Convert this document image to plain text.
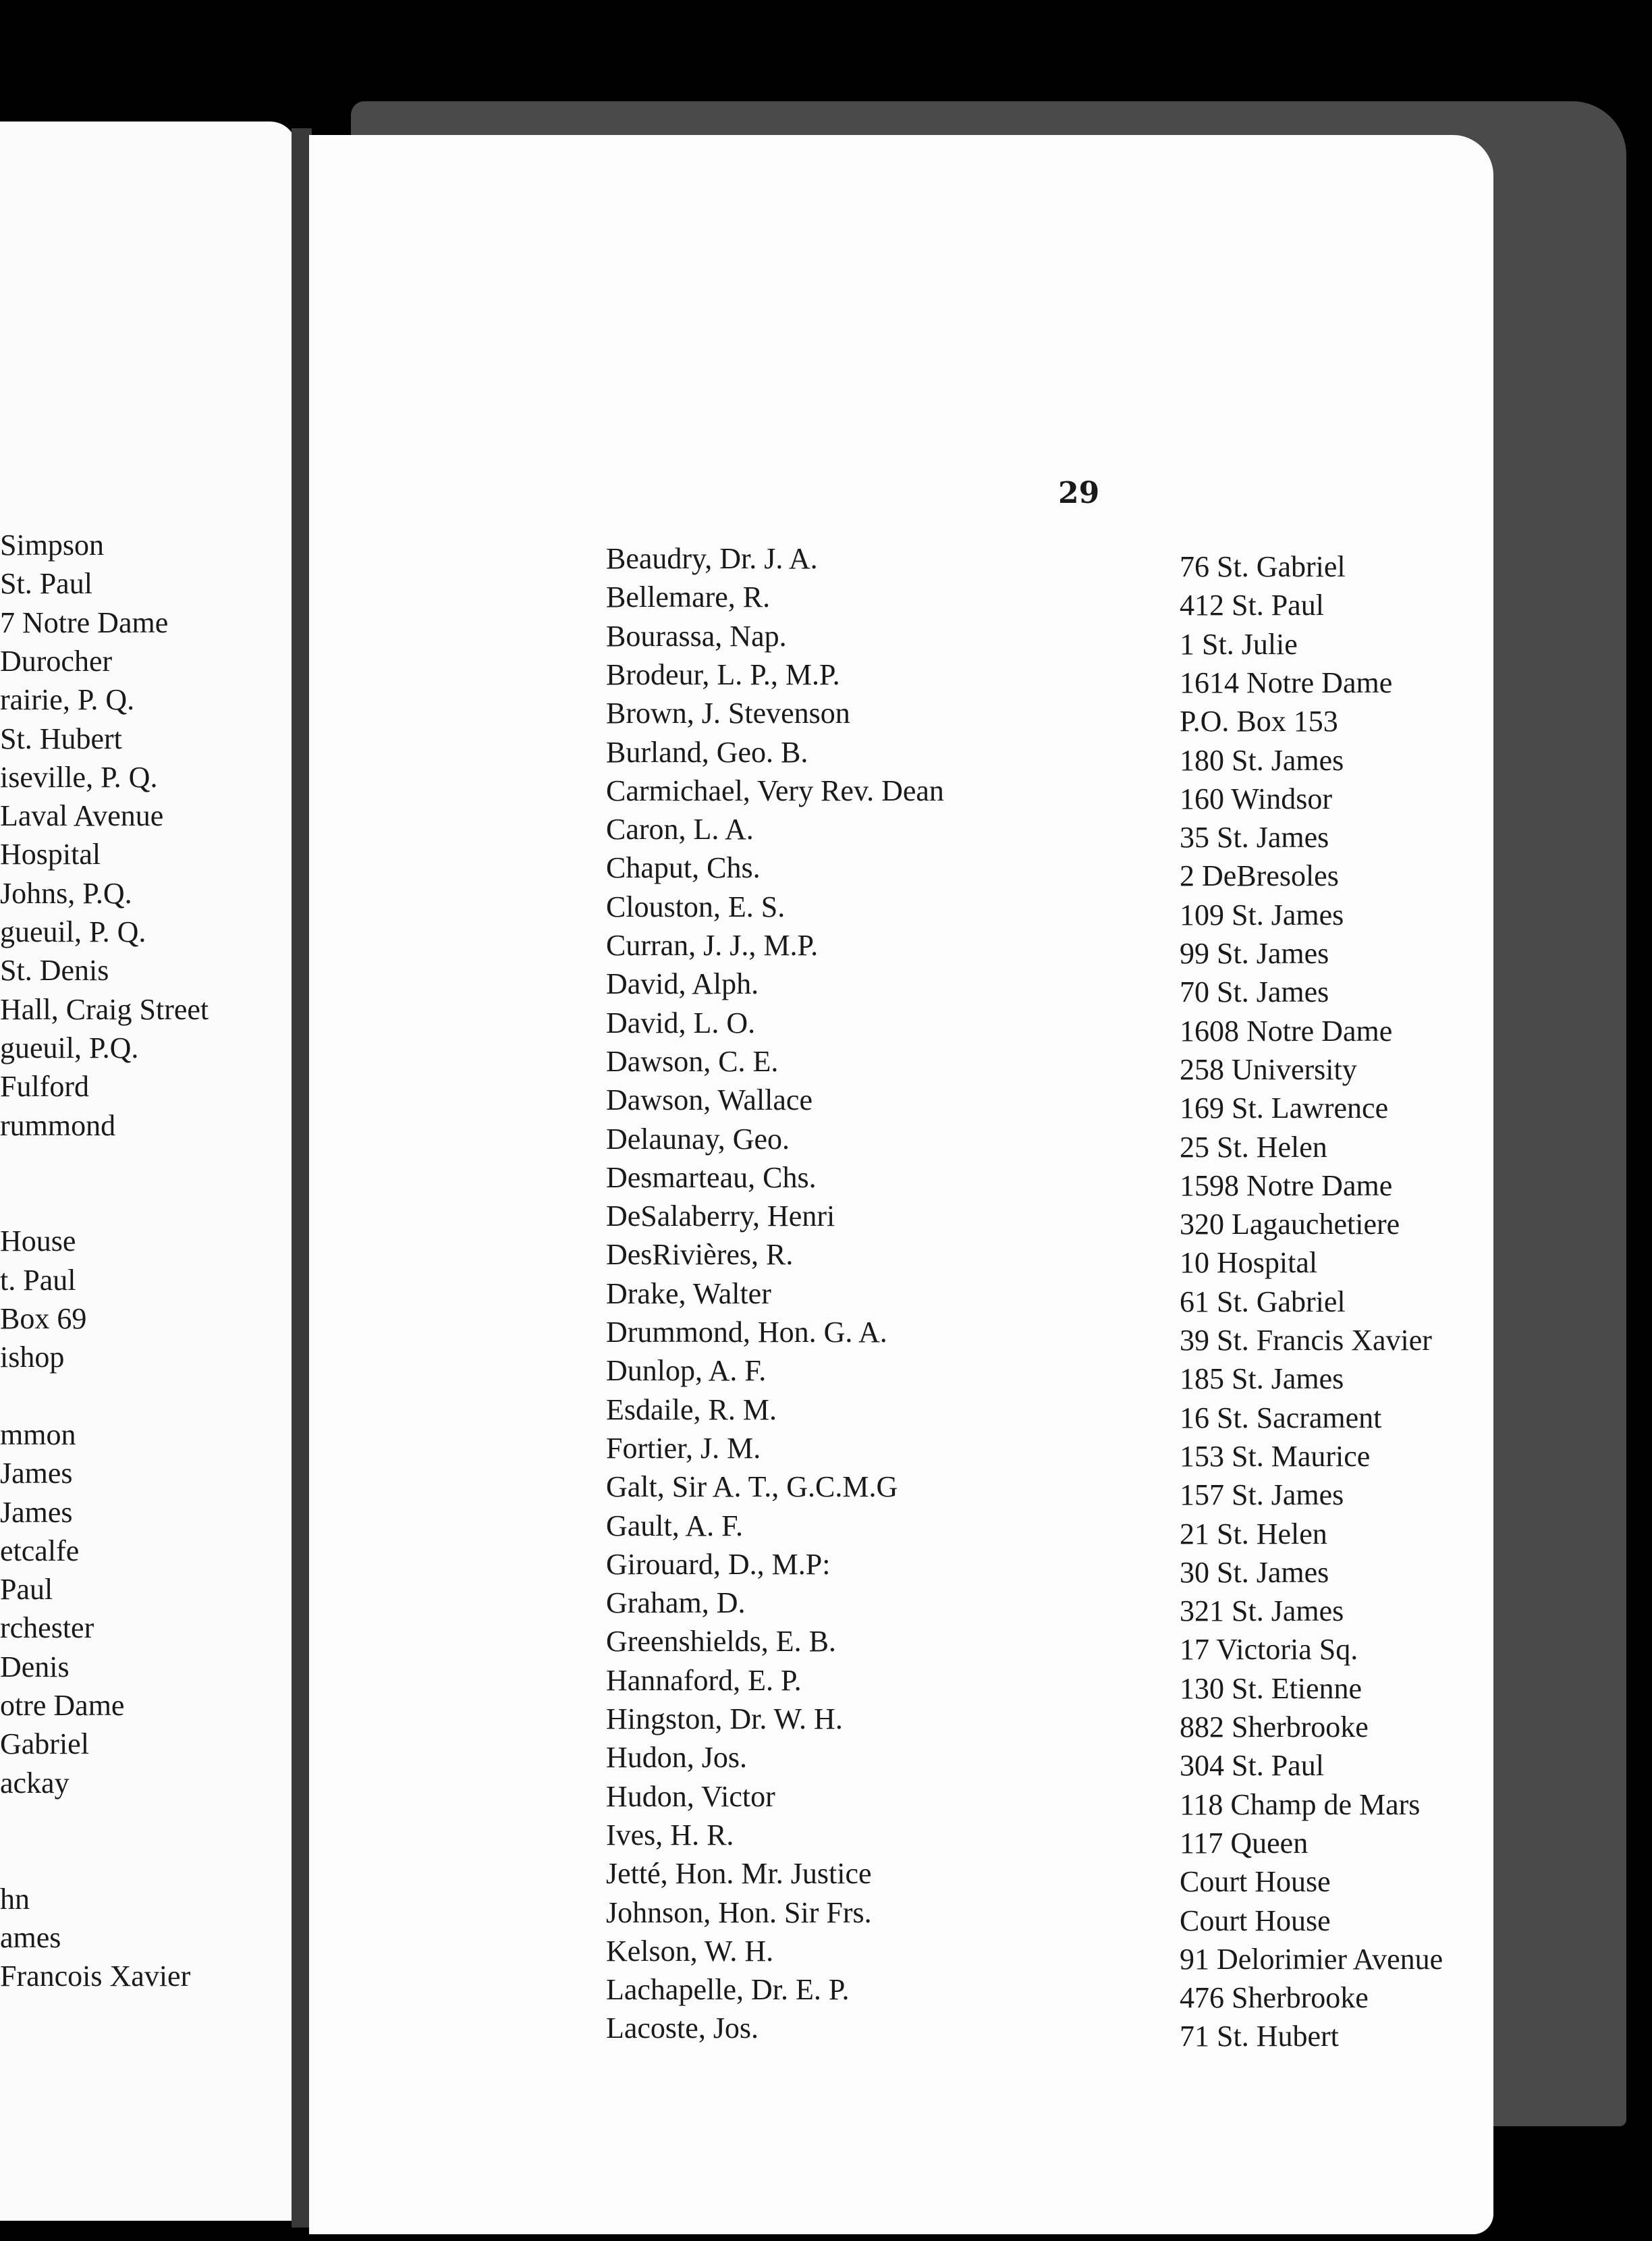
Simpson
St. Paul
7 Notre Dame
Durocher
rairie, P. Q.
St. Hubert
iseville, P. Q.
Laval Avenue
Hospital
Johns, P.Q.
gueuil, P. Q.
St. Denis
Hall, Craig Street
gueuil, P.Q.
Fulford
rummond
House
t. Paul
Box 69
ishop
mmon
James
James
etcalfe
Paul
rchester
Denis
otre Dame
Gabriel
ackay
hn
ames
Francois Xavier
29
Beaudry, Dr. J. A.
Bellemare, R.
Bourassa, Nap.
Brodeur, L. P., M.P.
Brown, J. Stevenson
Burland, Geo. B.
Carmichael, Very Rev. Dean
Caron, L. A.
Chaput, Chs.
Clouston, E. S.
Curran, J. J., M.P.
David, Alph.
David, L. O.
Dawson, C. E.
Dawson, Wallace
Delaunay, Geo.
Desmarteau, Chs.
DeSalaberry, Henri
DesRivières, R.
Drake, Walter
Drummond, Hon. G. A.
Dunlop, A. F.
Esdaile, R. M.
Fortier, J. M.
Galt, Sir A. T., G.C.M.G
Gault, A. F.
Girouard, D., M.P:
Graham, D.
Greenshields, E. B.
Hannaford, E. P.
Hingston, Dr. W. H.
Hudon, Jos.
Hudon, Victor
Ives, H. R.
Jetté, Hon. Mr. Justice
Johnson, Hon. Sir Frs.
Kelson, W. H.
Lachapelle, Dr. E. P.
Lacoste, Jos.
76 St. Gabriel
412 St. Paul
1 St. Julie
1614 Notre Dame
P.O. Box 153
180 St. James
160 Windsor
35 St. James
2 DeBresoles
109 St. James
99 St. James
70 St. James
1608 Notre Dame
258 University
169 St. Lawrence
25 St. Helen
1598 Notre Dame
320 Lagauchetiere
10 Hospital
61 St. Gabriel
39 St. Francis Xavier
185 St. James
16 St. Sacrament
153 St. Maurice
157 St. James
21 St. Helen
30 St. James
321 St. James
17 Victoria Sq.
130 St. Etienne
882 Sherbrooke
304 St. Paul
118 Champ de Mars
117 Queen
Court House
Court House
91 Delorimier Avenue
476 Sherbrooke
71 St. Hubert
